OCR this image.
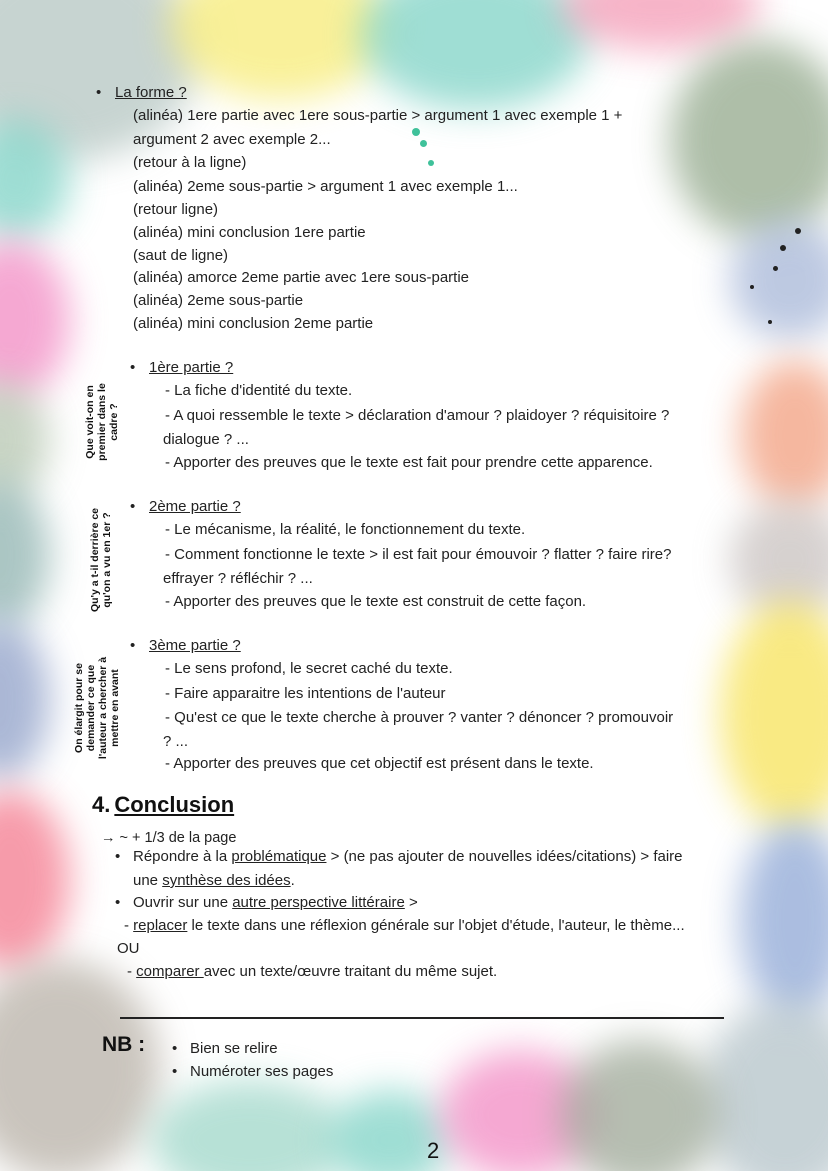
• La forme ?
(alinéa) 1ere partie avec 1ere sous-partie > argument 1 avec exemple 1 +
argument 2 avec exemple 2...
(retour à la ligne)
(alinéa) 2eme sous-partie > argument 1 avec exemple 1...
(retour ligne)
(alinéa) mini conclusion 1ere partie
(saut de ligne)
(alinéa) amorce 2eme partie avec 1ere sous-partie
(alinéa) 2eme sous-partie
(alinéa) mini conclusion 2eme partie
Que voit-on en premier dans le cadre ?
• 1ère partie ?
- La fiche d'identité du texte.
- A quoi ressemble le texte > déclaration d'amour ? plaidoyer ? réquisitoire ?
dialogue ? ...
- Apporter des preuves que le texte est fait pour prendre cette apparence.
Qu'y a t-il derrière ce qu'on a vu en 1er ?
• 2ème partie ?
- Le mécanisme, la réalité, le fonctionnement du texte.
- Comment fonctionne le texte > il est fait pour émouvoir ? flatter ? faire rire?
effrayer ? réfléchir ? ...
- Apporter des preuves que le texte est construit de cette façon.
On élargit pour se demander ce que l'auteur a chercher à mettre en avant
• 3ème partie ?
- Le sens profond, le secret caché du texte.
- Faire apparaitre les intentions de l'auteur
- Qu'est ce que le texte cherche à prouver ? vanter ? dénoncer ? promouvoir
? ...
- Apporter des preuves que cet objectif est présent dans le texte.
4. Conclusion
→ ~ + 1/3 de la page
• Répondre à la problématique > (ne pas ajouter de nouvelles idées/citations) > faire
une synthèse des idées.
• Ouvrir sur une autre perspective littéraire >
- replacer le texte dans une réflexion générale sur l'objet d'étude, l'auteur, le thème...
OU
- comparer avec un texte/œuvre traitant du même sujet.
NB : • Bien se relire
• Numéroter ses pages
2
